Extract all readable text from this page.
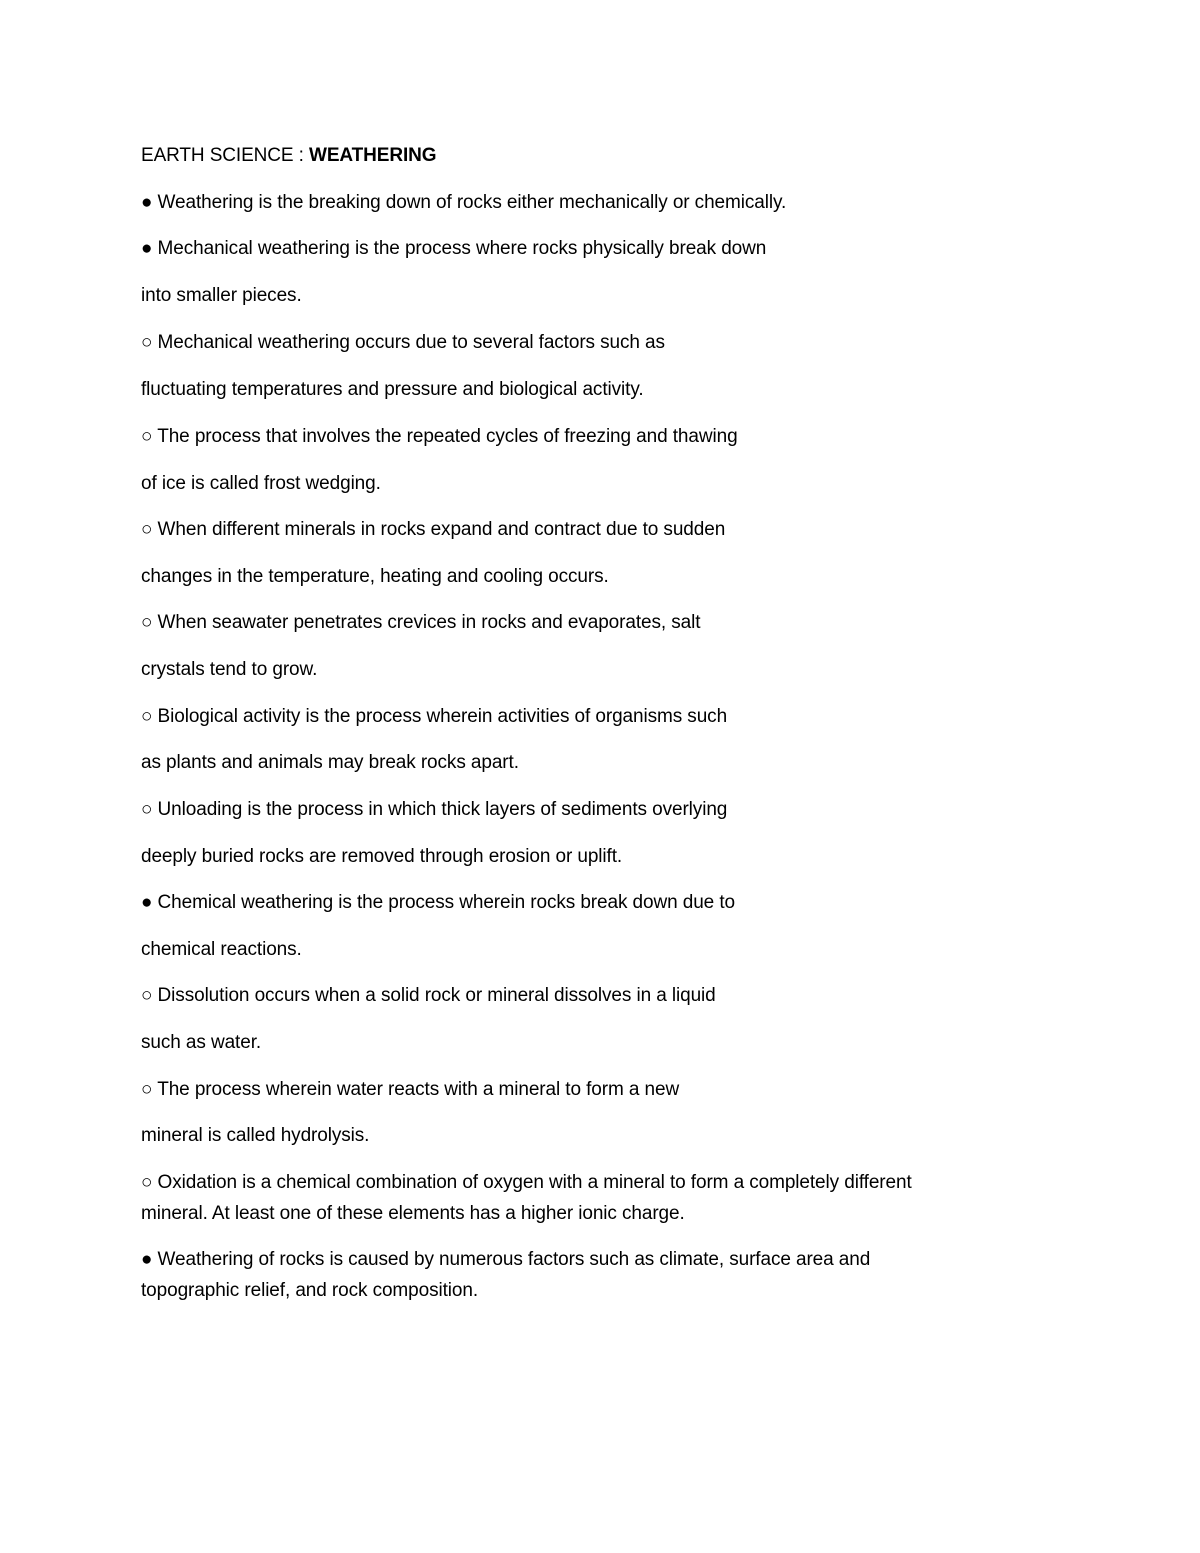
EARTH SCIENCE : WEATHERING
● Weathering is the breaking down of rocks either mechanically or chemically.
● Mechanical weathering is the process where rocks physically break down
into smaller pieces.
○ Mechanical weathering occurs due to several factors such as
fluctuating temperatures and pressure and biological activity.
○ The process that involves the repeated cycles of freezing and thawing
of ice is called frost wedging.
○ When different minerals in rocks expand and contract due to sudden
changes in the temperature, heating and cooling occurs.
○ When seawater penetrates crevices in rocks and evaporates, salt
crystals tend to grow.
○ Biological activity is the process wherein activities of organisms such
as plants and animals may break rocks apart.
○ Unloading is the process in which thick layers of sediments overlying
deeply buried rocks are removed through erosion or uplift.
● Chemical weathering is the process wherein rocks break down due to
chemical reactions.
○ Dissolution occurs when a solid rock or mineral dissolves in a liquid
such as water.
○ The process wherein water reacts with a mineral to form a new
mineral is called hydrolysis.
○ Oxidation is a chemical combination of oxygen with a mineral to form a completely different
mineral. At least one of these elements has a higher ionic charge.
● Weathering of rocks is caused by numerous factors such as climate, surface area and
topographic relief, and rock composition.
